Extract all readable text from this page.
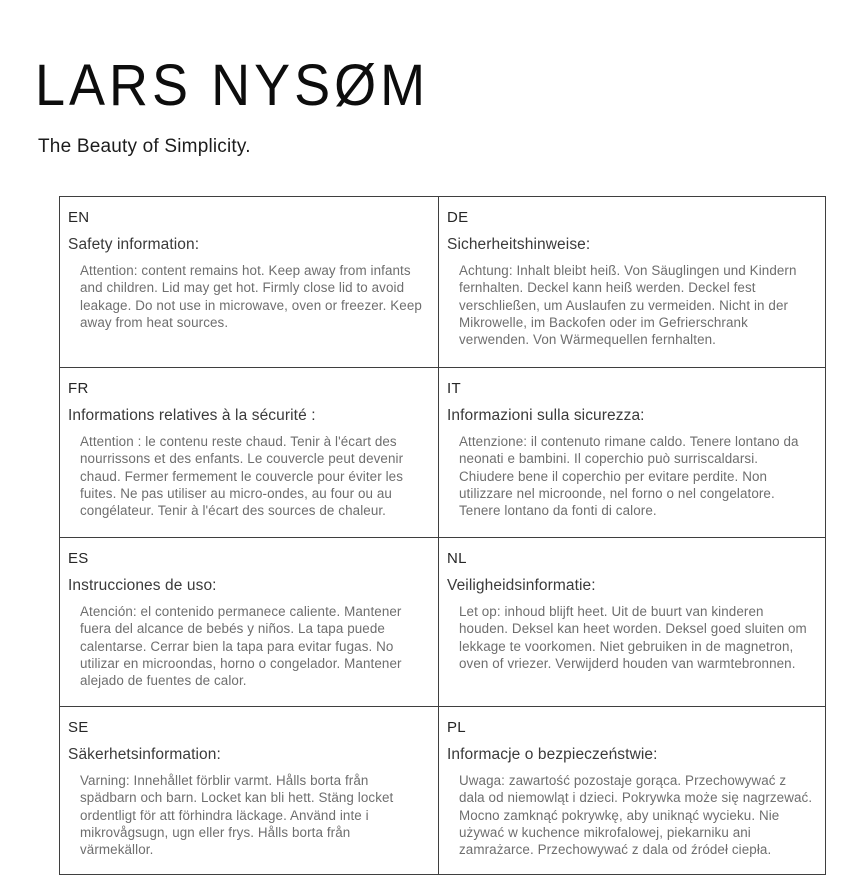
LARS NYSØM
The Beauty of Simplicity.
EN
Safety information:
Attention: content remains hot. Keep away from infants and children. Lid may get hot. Firmly close lid to avoid leakage. Do not use in microwave, oven or freezer. Keep away from heat sources.
DE
Sicherheitshinweise:
Achtung: Inhalt bleibt heiß. Von Säuglingen und Kindern fernhalten. Deckel kann heiß werden. Deckel fest verschließen, um Auslaufen zu vermeiden. Nicht in der Mikrowelle, im Backofen oder im Gefrierschrank verwenden. Von Wärmequellen fernhalten.
FR
Informations relatives à la sécurité :
Attention : le contenu reste chaud. Tenir à l'écart des nourrissons et des enfants. Le couvercle peut devenir chaud. Fermer fermement le couvercle pour éviter les fuites. Ne pas utiliser au micro-ondes, au four ou au congélateur. Tenir à l'écart des sources de chaleur.
IT
Informazioni sulla sicurezza:
Attenzione: il contenuto rimane caldo. Tenere lontano da neonati e bambini. Il coperchio può surriscaldarsi. Chiudere bene il coperchio per evitare perdite. Non utilizzare nel microonde, nel forno o nel congelatore. Tenere lontano da fonti di calore.
ES
Instrucciones de uso:
Atención: el contenido permanece caliente. Mantener fuera del alcance de bebés y niños. La tapa puede calentarse. Cerrar bien la tapa para evitar fugas. No utilizar en microondas, horno o congelador. Mantener alejado de fuentes de calor.
NL
Veiligheidsinformatie:
Let op: inhoud blijft heet. Uit de buurt van kinderen houden. Deksel kan heet worden. Deksel goed sluiten om lekkage te voorkomen. Niet gebruiken in de magnetron, oven of vriezer. Verwijderd houden van warmtebronnen.
SE
Säkerhetsinformation:
Varning: Innehållet förblir varmt. Hålls borta från spädbarn och barn. Locket kan bli hett. Stäng locket ordentligt för att förhindra läckage. Använd inte i mikrovågsugn, ugn eller frys. Hålls borta från värmekällor.
PL
Informacje o bezpieczeństwie:
Uwaga: zawartość pozostaje gorąca. Przechowywać z dala od niemowląt i dzieci. Pokrywka może się nagrzewać. Mocno zamknąć pokrywkę, aby uniknąć wycieku. Nie używać w kuchence mikrofalowej, piekarniku ani zamrażarce. Przechowywać z dala od źródeł ciepła.
